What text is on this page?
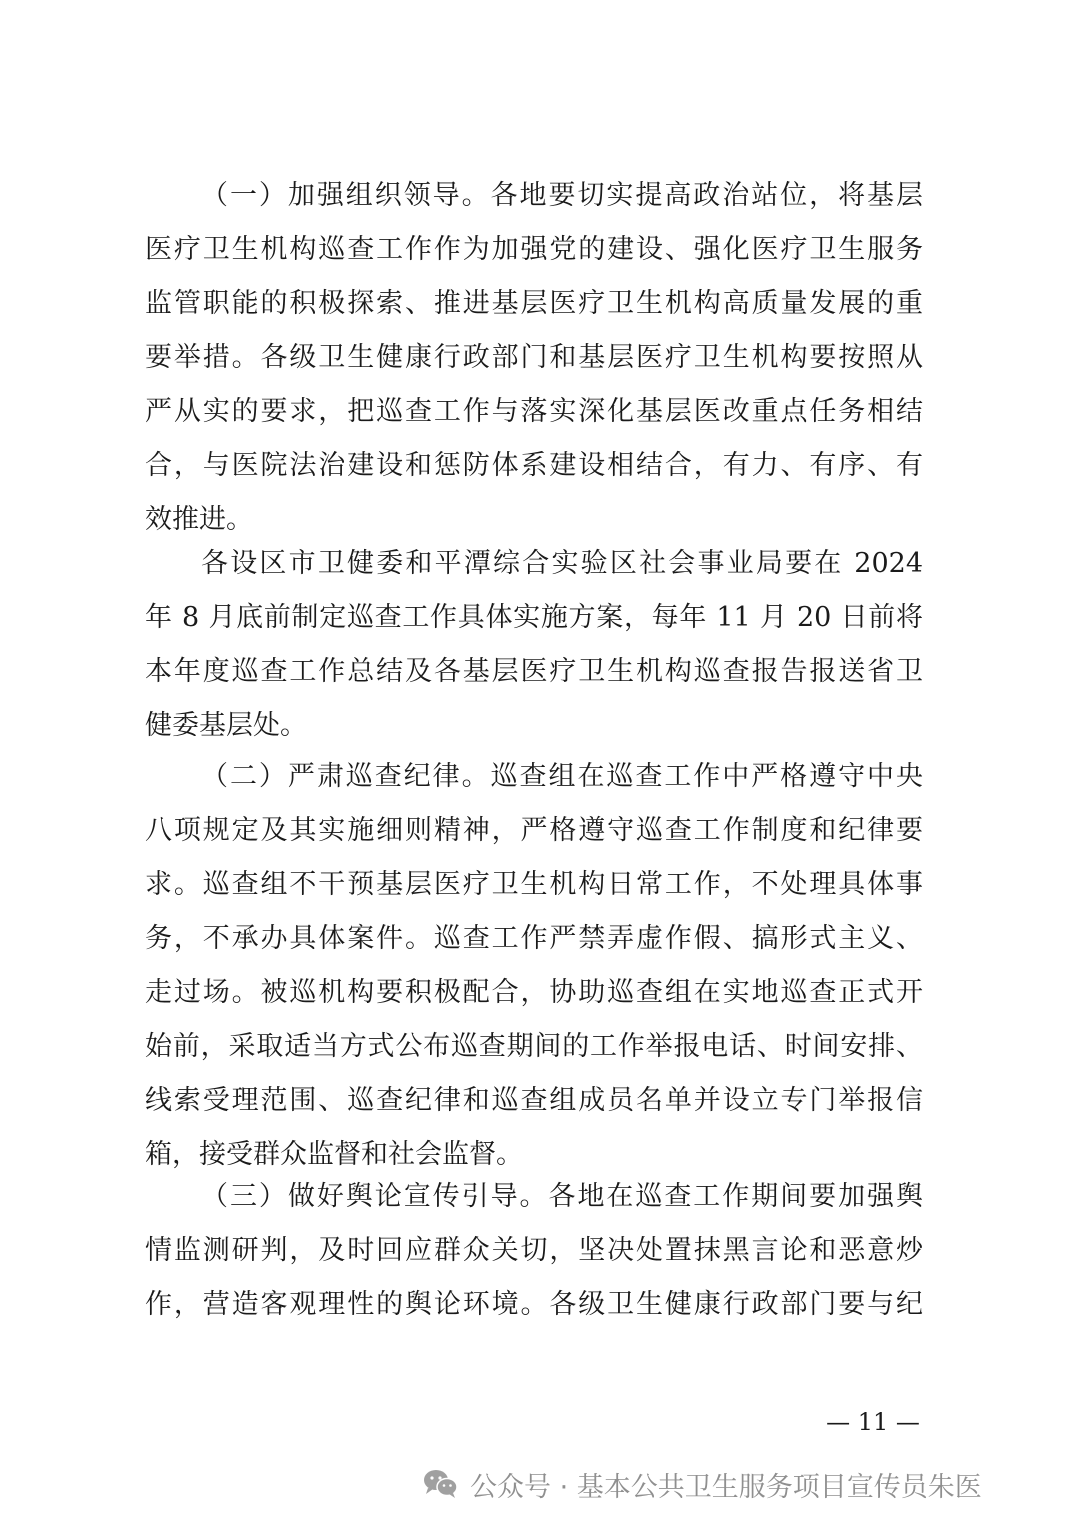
（一）加强组织领导。各地要切实提高政治站位，将基层
医疗卫生机构巡查工作作为加强党的建设、强化医疗卫生服务
监管职能的积极探索、推进基层医疗卫生机构高质量发展的重
要举措。各级卫生健康行政部门和基层医疗卫生机构要按照从
严从实的要求，把巡查工作与落实深化基层医改重点任务相结
合，与医院法治建设和惩防体系建设相结合，有力、有序、有
效推进。
各设区市卫健委和平潭综合实验区社会事业局要在 2024
年 8 月底前制定巡查工作具体实施方案，每年 11 月 20 日前将
本年度巡查工作总结及各基层医疗卫生机构巡查报告报送省卫
健委基层处。
（二）严肃巡查纪律。巡查组在巡查工作中严格遵守中央
八项规定及其实施细则精神，严格遵守巡查工作制度和纪律要
求。巡查组不干预基层医疗卫生机构日常工作，不处理具体事
务，不承办具体案件。巡查工作严禁弄虚作假、搞形式主义、
走过场。被巡机构要积极配合，协助巡查组在实地巡查正式开
始前，采取适当方式公布巡查期间的工作举报电话、时间安排、
线索受理范围、巡查纪律和巡查组成员名单并设立专门举报信
箱，接受群众监督和社会监督。
（三）做好舆论宣传引导。各地在巡查工作期间要加强舆
情监测研判，及时回应群众关切，坚决处置抹黑言论和恶意炒
作，营造客观理性的舆论环境。各级卫生健康行政部门要与纪
— 11 —
公众号 · 基本公共卫生服务项目宣传员朱医
